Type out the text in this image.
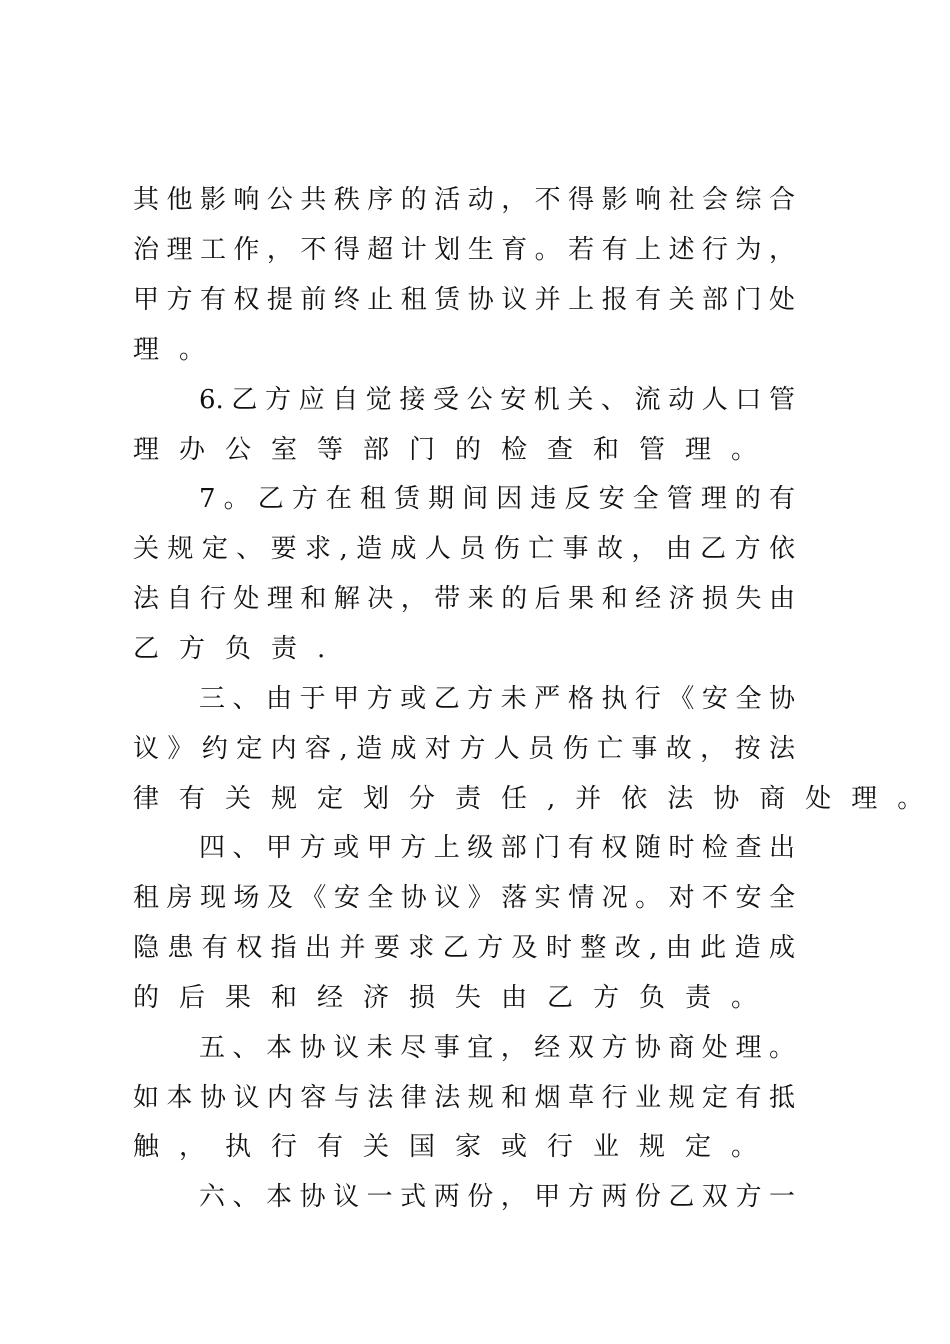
其他影响公共秩序的活动，不得影响社会综合
治理工作，不得超计划生育。若有上述行为，
甲方有权提前终止租赁协议并上报有关部门处
理。
6.乙方应自觉接受公安机关、流动人口管
理办公室等部门的检查和管理。
7。乙方在租赁期间因违反安全管理的有
关规定、要求,造成人员伤亡事故，由乙方依
法自行处理和解决，带来的后果和经济损失由
乙方负责.
三、由于甲方或乙方未严格执行《安全协
议》约定内容,造成对方人员伤亡事故，按法
律有关规定划分责任,并依法协商处理。
四、甲方或甲方上级部门有权随时检查出
租房现场及《安全协议》落实情况。对不安全
隐患有权指出并要求乙方及时整改,由此造成
的后果和经济损失由乙方负责。
五、本协议未尽事宜，经双方协商处理。
如本协议内容与法律法规和烟草行业规定有抵
触，执行有关国家或行业规定。
六、本协议一式两份，甲方两份乙双方一
